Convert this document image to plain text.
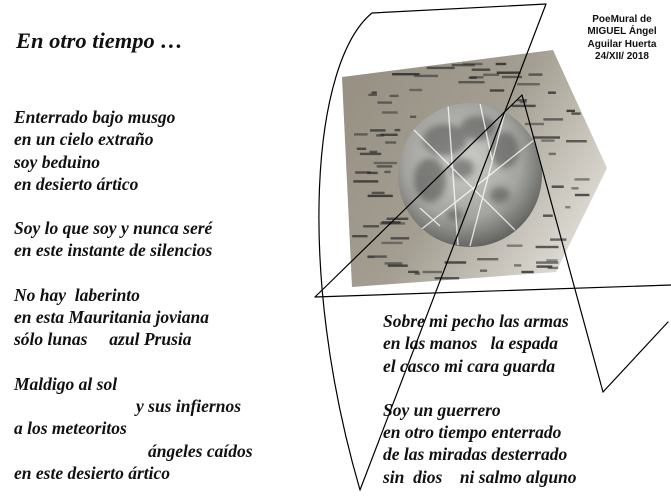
En otro tiempo …
PoeMural de
MIGUEL Ángel
Aguilar Huerta
24/XII/ 2018
Enterrado bajo musgo
en un cielo extraño
soy beduino
en desierto ártico
Soy lo que soy y nunca seré
en este instante de silencios
No hay  laberinto
en esta Mauritania joviana
sólo lunas     azul Prusia
Maldigo al sol
y sus infiernos
a los meteoritos
ángeles caídos
en este desierto ártico
Sobre mi pecho las armas
en las manos   la espada
el casco mi cara guarda
Soy un guerrero
en otro tiempo enterrado
de las miradas desterrado
sin  dios    ni salmo alguno
